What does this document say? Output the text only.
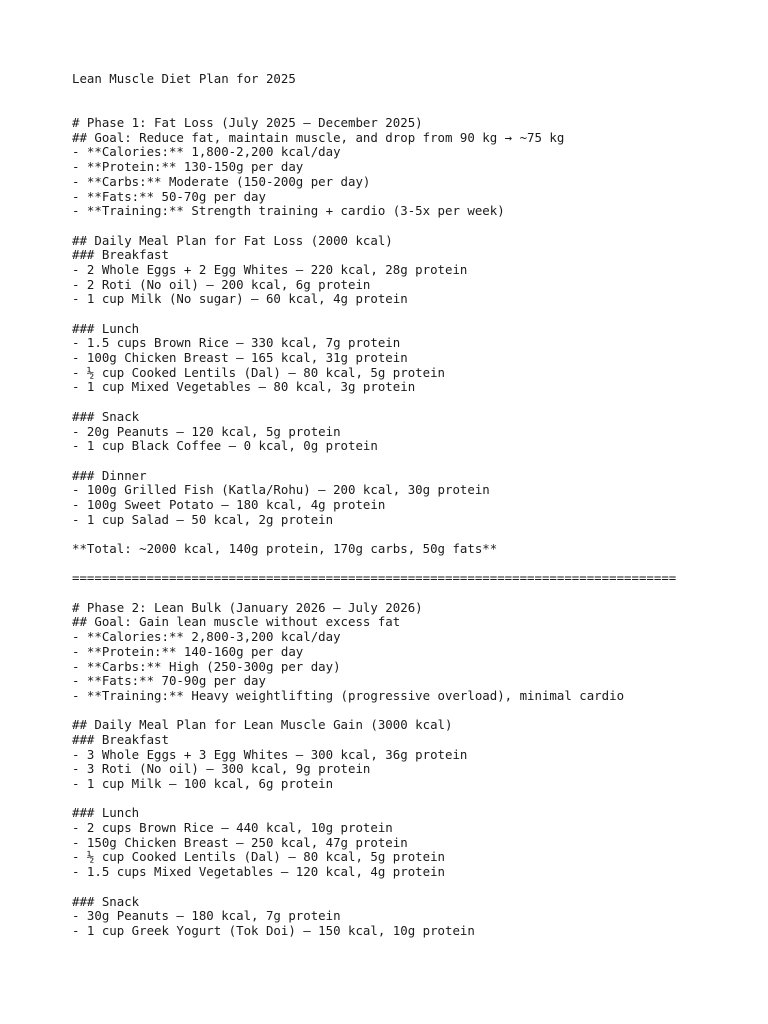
Lean Muscle Diet Plan for 2025
# Phase 1: Fat Loss (July 2025 – December 2025)
## Goal: Reduce fat, maintain muscle, and drop from 90 kg → ~75 kg
- **Calories:** 1,800-2,200 kcal/day
- **Protein:** 130-150g per day
- **Carbs:** Moderate (150-200g per day)
- **Fats:** 50-70g per day
- **Training:** Strength training + cardio (3-5x per week)
## Daily Meal Plan for Fat Loss (2000 kcal)
### Breakfast
- 2 Whole Eggs + 2 Egg Whites – 220 kcal, 28g protein
- 2 Roti (No oil) – 200 kcal, 6g protein
- 1 cup Milk (No sugar) – 60 kcal, 4g protein
### Lunch
- 1.5 cups Brown Rice – 330 kcal, 7g protein
- 100g Chicken Breast – 165 kcal, 31g protein
- ½ cup Cooked Lentils (Dal) – 80 kcal, 5g protein
- 1 cup Mixed Vegetables – 80 kcal, 3g protein
### Snack
- 20g Peanuts – 120 kcal, 5g protein
- 1 cup Black Coffee – 0 kcal, 0g protein
### Dinner
- 100g Grilled Fish (Katla/Rohu) – 200 kcal, 30g protein
- 100g Sweet Potato – 180 kcal, 4g protein
- 1 cup Salad – 50 kcal, 2g protein
**Total: ~2000 kcal, 140g protein, 170g carbs, 50g fats**
=================================================================================
# Phase 2: Lean Bulk (January 2026 – July 2026)
## Goal: Gain lean muscle without excess fat
- **Calories:** 2,800-3,200 kcal/day
- **Protein:** 140-160g per day
- **Carbs:** High (250-300g per day)
- **Fats:** 70-90g per day
- **Training:** Heavy weightlifting (progressive overload), minimal cardio
## Daily Meal Plan for Lean Muscle Gain (3000 kcal)
### Breakfast
- 3 Whole Eggs + 3 Egg Whites – 300 kcal, 36g protein
- 3 Roti (No oil) – 300 kcal, 9g protein
- 1 cup Milk – 100 kcal, 6g protein
### Lunch
- 2 cups Brown Rice – 440 kcal, 10g protein
- 150g Chicken Breast – 250 kcal, 47g protein
- ½ cup Cooked Lentils (Dal) – 80 kcal, 5g protein
- 1.5 cups Mixed Vegetables – 120 kcal, 4g protein
### Snack
- 30g Peanuts – 180 kcal, 7g protein
- 1 cup Greek Yogurt (Tok Doi) – 150 kcal, 10g protein
